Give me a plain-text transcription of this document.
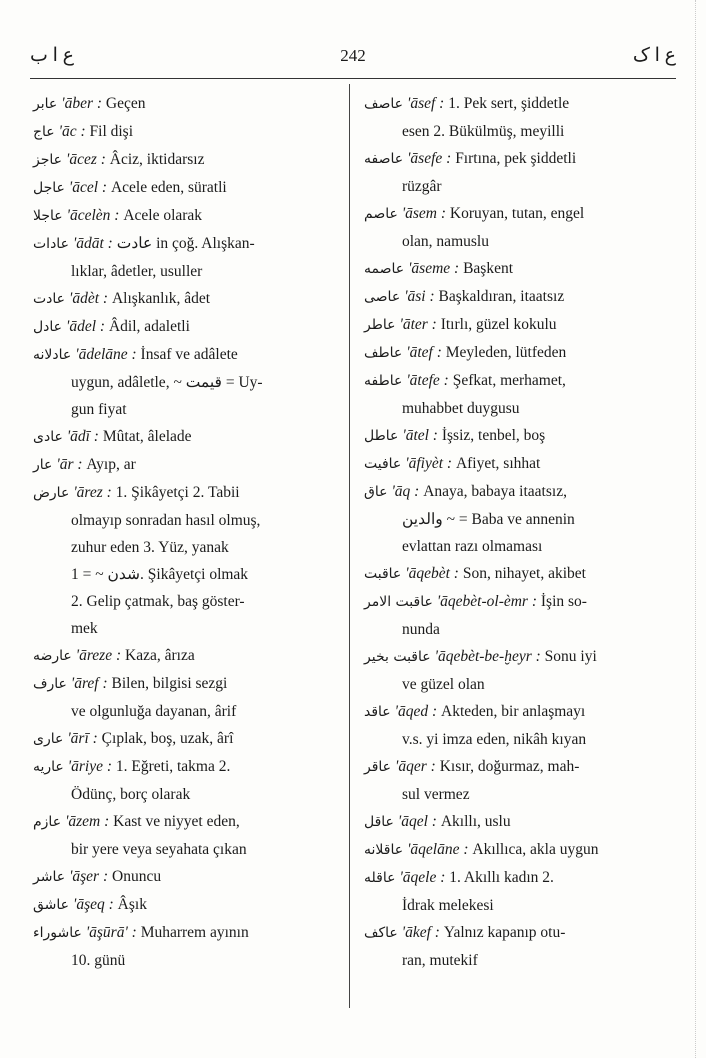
ع ا ب	242	ع ا ک
عابر 'āber : Geçen
عاج 'āc : Fil dişi
عاجز 'ācez : Âciz, iktidarsız
عاجل 'ācel : Acele eden, süratli
عاجلا 'ācelèn : Acele olarak
عادات 'ādāt : عادت in çoğ. Alışkan-
lıklar, âdetler, usuller
عادت 'ādèt : Alışkanlık, âdet
عادل 'ādel : Âdil, adaletli
عادلانه 'ādelāne : İnsaf ve adâlete
uygun, adâletle, ~ قيمت = Uy-
gun fiyat
عادى 'ādī : Mûtat, âlelade
عار 'ār : Ayıp, ar
عارض 'ārez : 1. Şikâyetçi 2. Tabii
olmayıp sonradan hasıl olmuş,
zuhur eden 3. Yüz, yanak
شدن ~ = 1. Şikâyetçi olmak
2. Gelip çatmak, baş göster-
mek
عارضه 'āreze : Kaza, ârıza
عارف 'āref : Bilen, bilgisi sezgi
ve olgunluğa dayanan, ârif
عارى 'ārī : Çıplak, boş, uzak, ârî
عاريه 'āriye : 1. Eğreti, takma 2.
Ödünç, borç olarak
عازم 'āzem : Kast ve niyyet eden,
bir yere veya seyahata çıkan
عاشر 'āşer : Onuncu
عاشق 'āşeq : Âşık
عاشوراء 'āşūrā' : Muharrem ayının
10. günü
عاصف 'āsef : 1. Pek sert, şiddetle
esen 2. Bükülmüş, meyilli
عاصفه 'āsefe : Fırtına, pek şiddetli
rüzgâr
عاصم 'āsem : Koruyan, tutan, engel
olan, namuslu
عاصمه 'āseme : Başkent
عاصى 'āsi : Başkaldıran, itaatsız
عاطر 'āter : Itırlı, güzel kokulu
عاطف 'ātef : Meyleden, lütfeden
عاطفه 'ātefe : Şefkat, merhamet,
muhabbet duygusu
عاطل 'ātel : İşsiz, tenbel, boş
عافيت 'āfiyèt : Afiyet, sıhhat
عاق 'āq : Anaya, babaya itaatsız,
والدين ~ = Baba ve annenin
evlattan razı olmaması
عاقبت 'āqebèt : Son, nihayet, akibet
عاقبت الامر 'āqebèt-ol-èmr : İşin so-
nunda
عاقبت بخير 'āqebèt-be-ḫeyr : Sonu iyi
ve güzel olan
عاقد 'āqed : Akteden, bir anlaşmayı
v.s. yi imza eden, nikâh kıyan
عاقر 'āqer : Kısır, doğurmaz, mah-
sul vermez
عاقل 'āqel : Akıllı, uslu
عاقلانه 'āqelāne : Akıllıca, akla uygun
عاقله 'āqele : 1. Akıllı kadın 2.
İdrak melekesi
عاكف 'ākef : Yalnız kapanıp otu-
ran, mutekif
